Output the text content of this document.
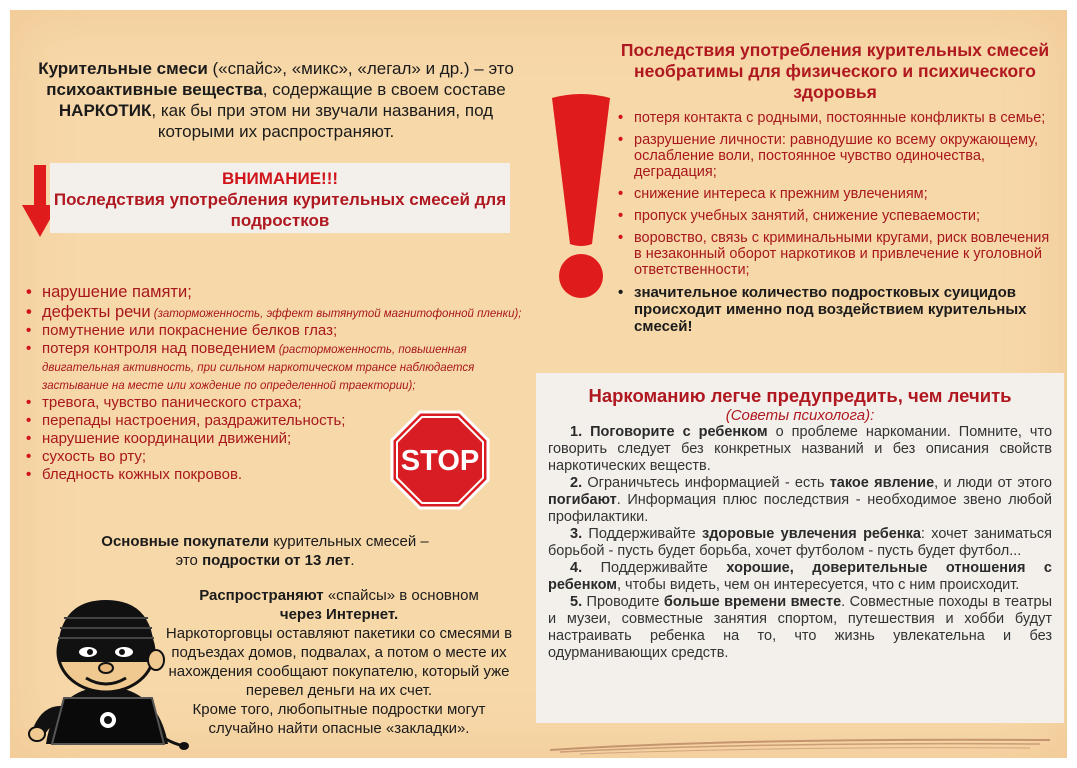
Курительные смеси («спайс», «микс», «легал» и др.) – это психоактивные вещества, содержащие в своем составе НАРКОТИК, как бы при этом ни звучали названия, под которыми их распространяют.
ВНИМАНИЕ!!!
Последствия употребления курительных смесей для подростков
• нарушение памяти;
• дефекты речи (заторможенность, эффект вытянутой магнитофонной пленки);
• помутнение или покраснение белков глаз;
• потеря контроля над поведением (расторможенность, повышенная двигательная активность, при сильном наркотическом трансе наблюдается застывание на месте или хождение по определенной траектории);
• тревога, чувство панического страха;
• перепады настроения, раздражительность;
• нарушение координации движений;
• сухость во рту;
• бледность кожных покровов.	STOP
Основные покупатели курительных смесей –
это подростки от 13 лет.
Распространяют «спайсы» в основном
через Интернет.
Наркоторговцы оставляют пакетики со смесями в подъездах домов, подвалах, а потом о месте их нахождения сообщают покупателю, который уже перевел деньги на их счет.
Кроме того, любопытные подростки могут случайно найти опасные «закладки».
Последствия употребления курительных смесей необратимы для физического и психического здоровья
• потеря контакта с родными, постоянные конфликты в семье;
• разрушение личности: равнодушие ко всему окружающему, ослабление воли, постоянное чувство одиночества, деградация;
• снижение интереса к прежним увлечениям;
• пропуск учебных занятий, снижение успеваемости;
• воровство, связь с криминальными кругами, риск вовлечения в незаконный оборот наркотиков и привлечение к уголовной ответственности;
• значительное количество подростковых суицидов происходит именно под воздействием курительных смесей!
Наркоманию легче предупредить, чем лечить
(Советы психолога):

1. Поговорите с ребенком о проблеме наркомании. Помните, что говорить следует без конкретных названий и без описания свойств наркотических веществ.

2. Ограничьтесь информацией - есть такое явление, и люди от этого погибают. Информация плюс последствия - необходимое звено любой профилактики.

3. Поддерживайте здоровые увлечения ребенка: хочет заниматься борьбой - пусть будет борьба, хочет футболом - пусть будет футбол...

4. Поддерживайте хорошие, доверительные отношения с ребенком, чтобы видеть, чем он интересуется, что с ним происходит.

5. Проводите больше времени вместе. Совместные походы в театры и музеи, совместные занятия спортом, путешествия и хобби будут настраивать ребенка на то, что жизнь увлекательна и без одурманивающих средств.
